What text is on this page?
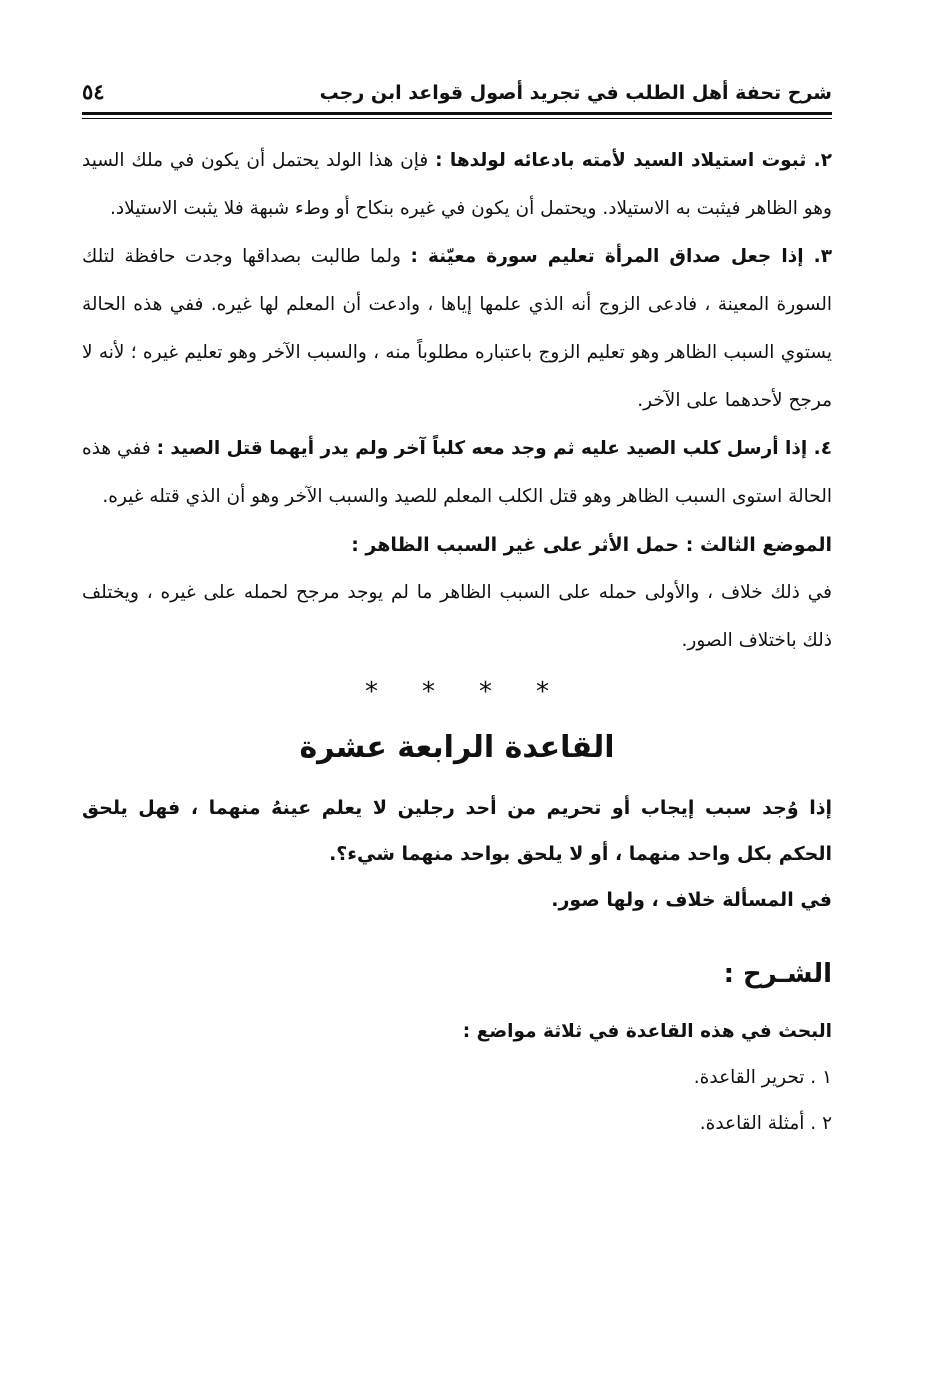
شرح تحفة أهل الطلب في تجريد أصول قواعد ابن رجب
٥٤

٢. ثبوت استيلاد السيد لأمته بادعائه لولدها : فإن هذا الولد يحتمل أن يكون في ملك السيد وهو الظاهر فيثبت به الاستيلاد. ويحتمل أن يكون في غيره بنكاح أو وطء شبهة فلا يثبت الاستيلاد.

٣. إذا جعل صداق المرأة تعليم سورة معيّنة : ولما طالبت بصداقها وجدت حافظة لتلك السورة المعينة ، فادعى الزوج أنه الذي علمها إياها ، وادعت أن المعلم لها غيره. ففي هذه الحالة يستوي السبب الظاهر وهو تعليم الزوج باعتباره مطلوباً منه ، والسبب الآخر وهو تعليم غيره ؛ لأنه لا مرجح لأحدهما على الآخر.

٤. إذا أرسل كلب الصيد عليه ثم وجد معه كلباً آخر ولم يدر أيهما قتل الصيد : ففي هذه الحالة استوى السبب الظاهر وهو قتل الكلب المعلم للصيد والسبب الآخر وهو أن الذي قتله غيره.

الموضع الثالث : حمل الأثر على غير السبب الظاهر :

في ذلك خلاف ، والأولى حمله على السبب الظاهر ما لم يوجد مرجح لحمله على غيره ، ويختلف ذلك باختلاف الصور.

*
*
*
*
القاعدة الرابعة عشرة

إذا وُجد سبب إيجاب أو تحريم من أحد رجلين لا يعلم عينهُ منهما ، فهل يلحق الحكم بكل واحد منهما ، أو لا يلحق بواحد منهما شيء؟.

في المسألة خلاف ، ولها صور.

الشـرح :

البحث في هذه القاعدة في ثلاثة مواضع :

١ . تحرير القاعدة.

٢ . أمثلة القاعدة.
